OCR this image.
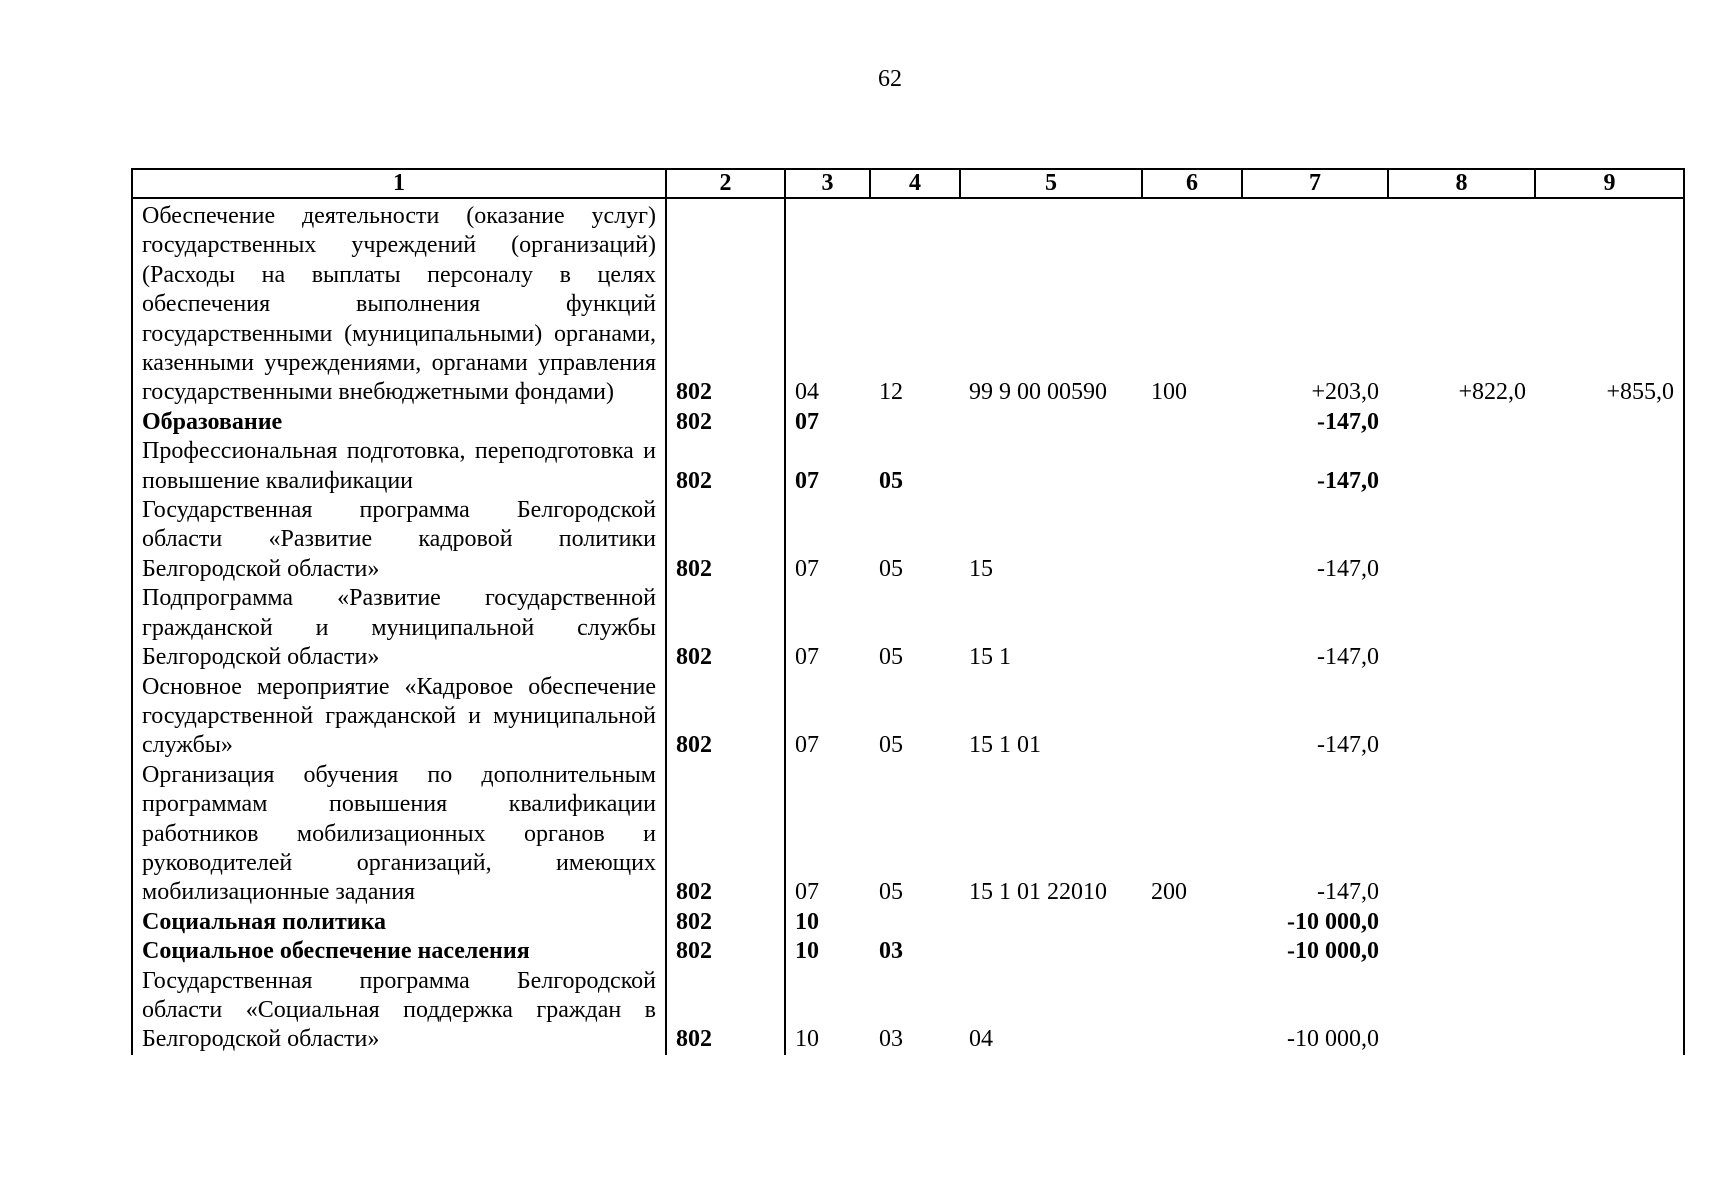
62
1	2	3	4	5	6	7	8	9
Обеспечение деятельности (оказание услуг) государственных учреждений (организаций) (Расходы на выплаты персоналу в целях обеспечения выполнения функций государственными (муниципальными) органами, казенными учреждениями, органами управления государственными внебюджетными фондами)	802	04	12	99 9 00 00590	100	+203,0	+822,0	+855,0
Образование	802	07				-147,0		
Профессиональная подготовка, переподготовка и повышение квалификации	802	07	05			-147,0		
Государственная программа Белгородской области «Развитие кадровой политики Белгородской области»	802	07	05	15		-147,0		
Подпрограмма «Развитие государственной гражданской и муниципальной службы Белгородской области»	802	07	05	15 1		-147,0		
Основное мероприятие «Кадровое обеспечение государственной гражданской и муниципальной службы»	802	07	05	15 1 01		-147,0		
Организация обучения по дополнительным программам повышения квалификации работников мобилизационных органов и руководителей организаций, имеющих мобилизационные задания	802	07	05	15 1 01 22010	200	-147,0		
Социальная политика	802	10				-10 000,0		
Социальное обеспечение населения	802	10	03			-10 000,0		
Государственная программа Белгородской области «Социальная поддержка граждан в Белгородской области»	802	10	03	04		-10 000,0		
